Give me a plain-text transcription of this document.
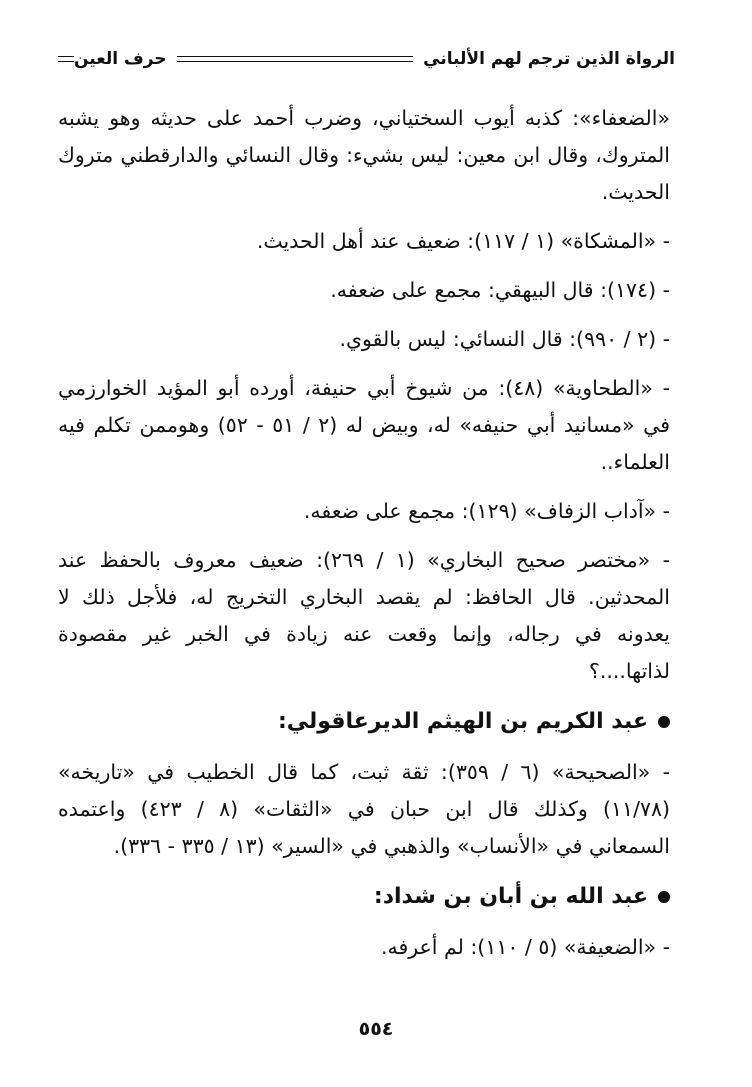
الرواة الذين ترجم لهم الألباني
حرف العين

«الضعفاء»: كذبه أيوب السختياني، وضرب أحمد على حديثه وهو يشبه المتروك، وقال ابن معين: ليس بشيء: وقال النسائي والدارقطني متروك الحديث.

- «المشكاة» (١ / ١١٧): ضعيف عند أهل الحديث.

- (١٧٤): قال البيهقي: مجمع على ضعفه.

- (٢ / ٩٩٠): قال النسائي: ليس بالقوي.

- «الطحاوية» (٤٨): من شيوخ أبي حنيفة، أورده أبو المؤيد الخوارزمي في «مسانيد أبي حنيفه» له، وبيض له (٢ / ٥١ - ٥٢) وهوممن تكلم فيه العلماء..

- «آداب الزفاف» (١٢٩): مجمع على ضعفه.

- «مختصر صحيح البخاري» (١ / ٢٦٩): ضعيف معروف بالحفظ عند المحدثين. قال الحافظ: لم يقصد البخاري التخريج له، فلأجل ذلك لا يعدونه في رجاله، وإنما وقعت عنه زيادة في الخبر غير مقصودة لذاتها....؟

عبد الكريم بن الهيثم الديرعاقولي:

- «الصحيحة» (٦ / ٣٥٩): ثقة ثبت، كما قال الخطيب في «تاريخه» (١١/٧٨) وكذلك قال ابن حبان في «الثقات» (٨ / ٤٢٣) واعتمده السمعاني في «الأنساب» والذهبي في «السير» (١٣ / ٣٣٥ - ٣٣٦).

عبد الله بن أبان بن شداد:

- «الضعيفة» (٥ / ١١٠): لم أعرفه.

٥٥٤
